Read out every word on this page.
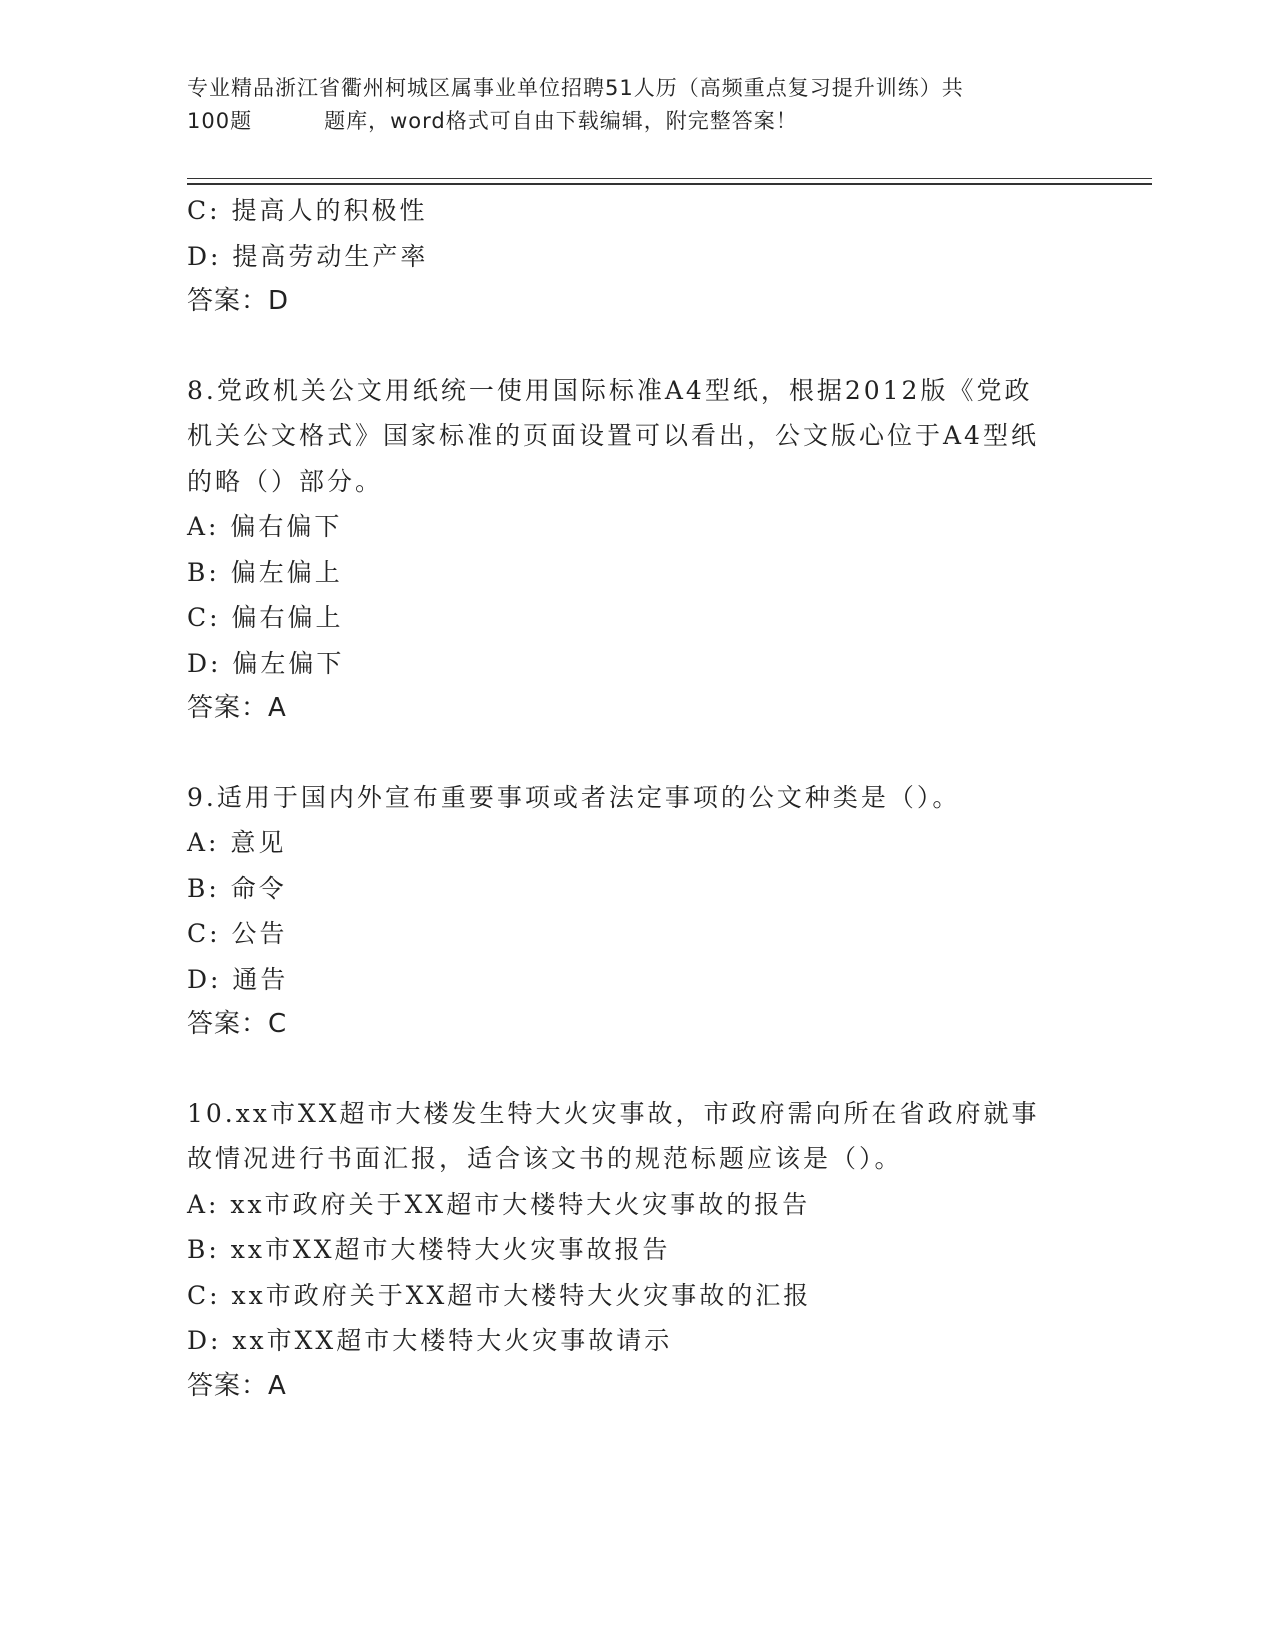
专业精品浙江省衢州柯城区属事业单位招聘51人历（高频重点复习提升训练）共
100题	题库，word格式可自由下载编辑，附完整答案！
C: 提高人的积极性
D: 提高劳动生产率
答案：D
8.党政机关公文用纸统一使用国际标准A4型纸，根据2012版《党政
机关公文格式》国家标准的页面设置可以看出，公文版心位于A4型纸
的略（）部分。
A: 偏右偏下
B: 偏左偏上
C: 偏右偏上
D: 偏左偏下
答案：A
9.适用于国内外宣布重要事项或者法定事项的公文种类是（）。
A: 意见
B: 命令
C: 公告
D: 通告
答案：C
10.xx市XX超市大楼发生特大火灾事故，市政府需向所在省政府就事
故情况进行书面汇报，适合该文书的规范标题应该是（）。
A: xx市政府关于XX超市大楼特大火灾事故的报告
B: xx市XX超市大楼特大火灾事故报告
C: xx市政府关于XX超市大楼特大火灾事故的汇报
D: xx市XX超市大楼特大火灾事故请示
答案：A
